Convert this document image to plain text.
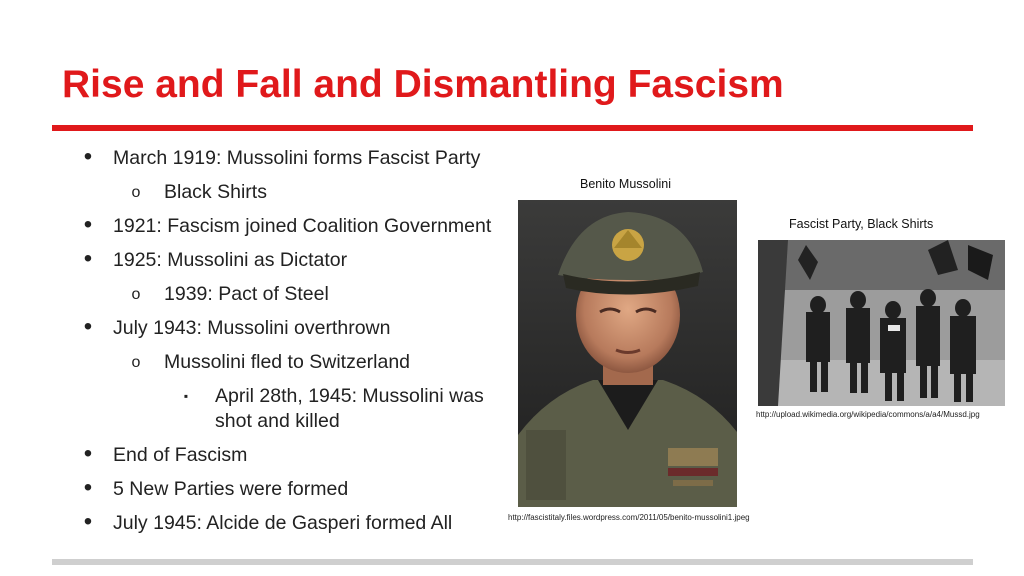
Rise and Fall and Dismantling Fascism
• March 1919: Mussolini forms Fascist Party
o Black Shirts
• 1921: Fascism joined Coalition Government
• 1925: Mussolini as Dictator
o 1939: Pact of Steel
• July 1943: Mussolini overthrown
o Mussolini fled to Switzerland
▪ April 28th, 1945: Mussolini was shot and killed
• End of Fascism
• 5 New Parties were formed
• July 1945: Alcide de Gasperi formed All
Benito Mussolini
http://fascistitaly.files.wordpress.com/2011/05/benito-mussolini1.jpeg
Fascist Party, Black Shirts
http://upload.wikimedia.org/wikipedia/commons/a/a4/Mussd.jpg
